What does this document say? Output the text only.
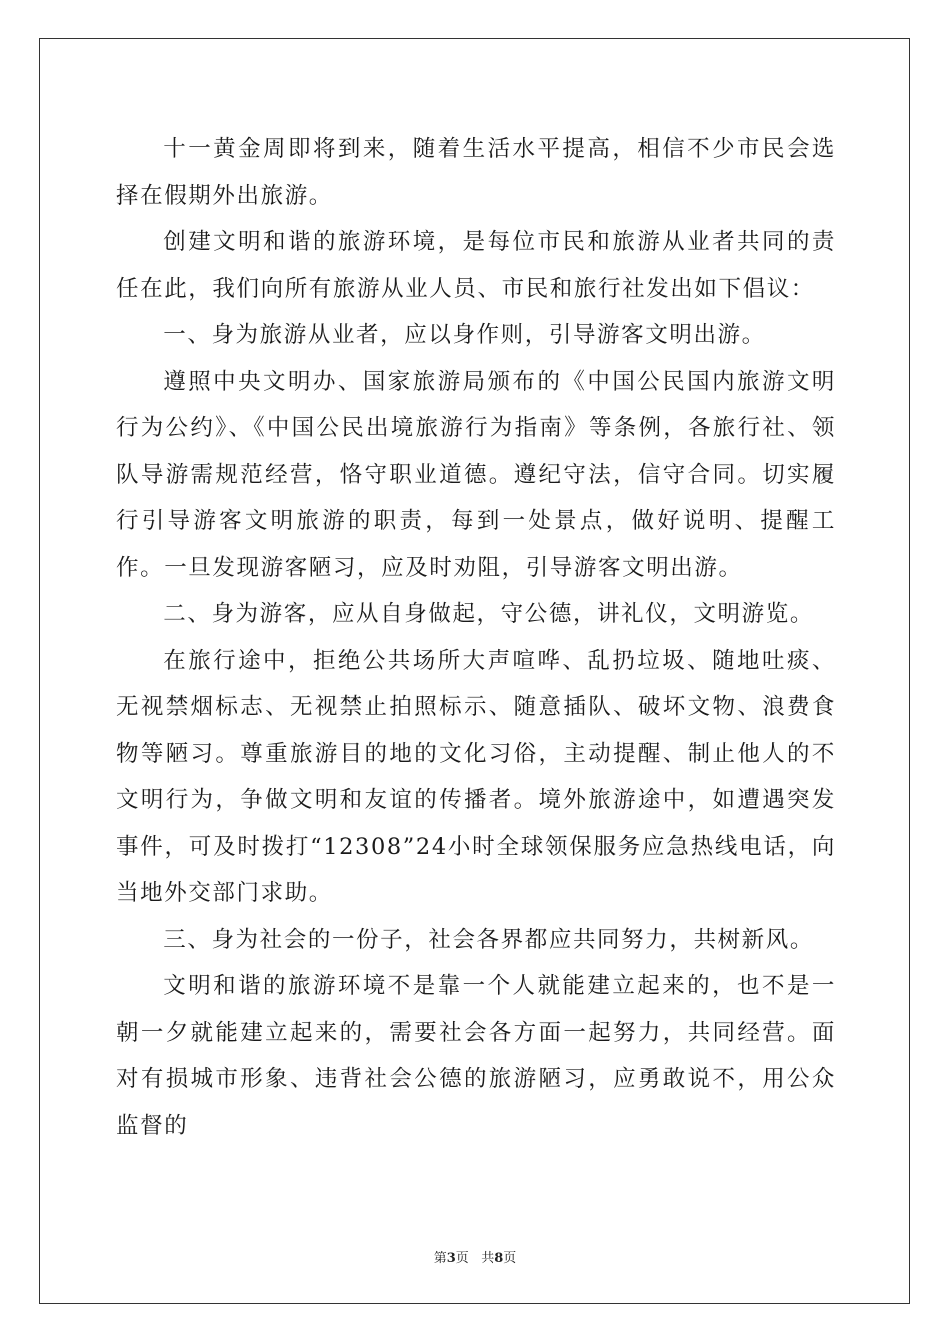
十一黄金周即将到来，随着生活水平提高，相信不少市民会选择在假期外出旅游。

创建文明和谐的旅游环境，是每位市民和旅游从业者共同的责任在此，我们向所有旅游从业人员、市民和旅行社发出如下倡议：

一、身为旅游从业者，应以身作则，引导游客文明出游。

遵照中央文明办、国家旅游局颁布的《中国公民国内旅游文明行为公约》、《中国公民出境旅游行为指南》等条例，各旅行社、领队导游需规范经营，恪守职业道德。遵纪守法，信守合同。切实履行引导游客文明旅游的职责，每到一处景点，做好说明、提醒工作。一旦发现游客陋习，应及时劝阻，引导游客文明出游。

二、身为游客，应从自身做起，守公德，讲礼仪，文明游览。

在旅行途中，拒绝公共场所大声喧哗、乱扔垃圾、随地吐痰、无视禁烟标志、无视禁止拍照标示、随意插队、破坏文物、浪费食物等陋习。尊重旅游目的地的文化习俗，主动提醒、制止他人的不文明行为，争做文明和友谊的传播者。境外旅游途中，如遭遇突发事件，可及时拨打“12308”24小时全球领保服务应急热线电话，向当地外交部门求助。

三、身为社会的一份子，社会各界都应共同努力，共树新风。

文明和谐的旅游环境不是靠一个人就能建立起来的，也不是一朝一夕就能建立起来的，需要社会各方面一起努力，共同经营。面对有损城市形象、违背社会公德的旅游陋习，应勇敢说不，用公众监督的

第3页 共8页
